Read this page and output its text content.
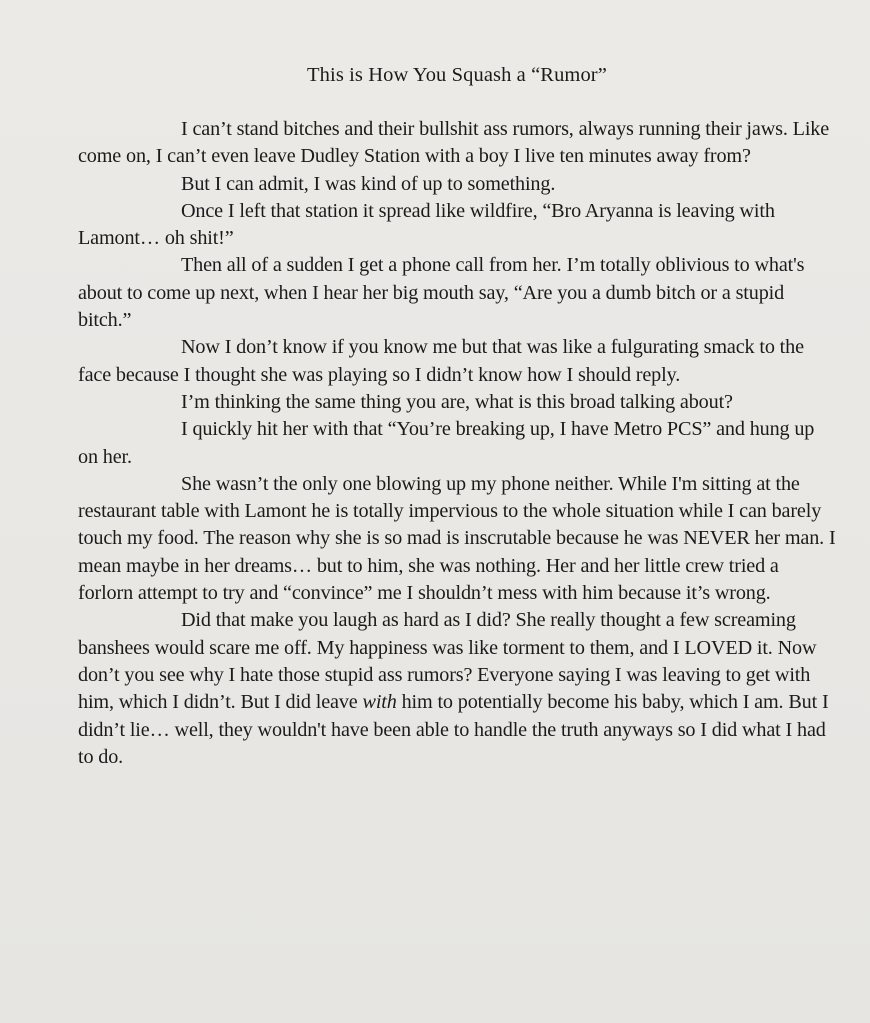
This is How You Squash a “Rumor”

I can’t stand bitches and their bullshit ass rumors, always running their jaws. Like come on, I can’t even leave Dudley Station with a boy I live ten minutes away from?

But I can admit, I was kind of up to something.

Once I left that station it spread like wildfire, “Bro Aryanna is leaving with Lamont… oh shit!”

Then all of a sudden I get a phone call from her. I’m totally oblivious to what's about to come up next, when I hear her big mouth say, “Are you a dumb bitch or a stupid bitch.”

Now I don’t know if you know me but that was like a fulgurating smack to the face because I thought she was playing so I didn’t know how I should reply.

I’m thinking the same thing you are, what is this broad talking about?

I quickly hit her with that “You’re breaking up, I have Metro PCS” and hung up on her.

She wasn’t the only one blowing up my phone neither. While I'm sitting at the restaurant table with Lamont he is totally impervious to the whole situation while I can barely touch my food. The reason why she is so mad is inscrutable because he was NEVER her man. I mean maybe in her dreams… but to him, she was nothing. Her and her little crew tried a forlorn attempt to try and “convince” me I shouldn’t mess with him because it’s wrong.

Did that make you laugh as hard as I did? She really thought a few screaming banshees would scare me off. My happiness was like torment to them, and I LOVED it. Now don’t you see why I hate those stupid ass rumors? Everyone saying I was leaving to get with him, which I didn’t. But I did leave with him to potentially become his baby, which I am. But I didn’t lie… well, they wouldn't have been able to handle the truth anyways so I did what I had to do.
